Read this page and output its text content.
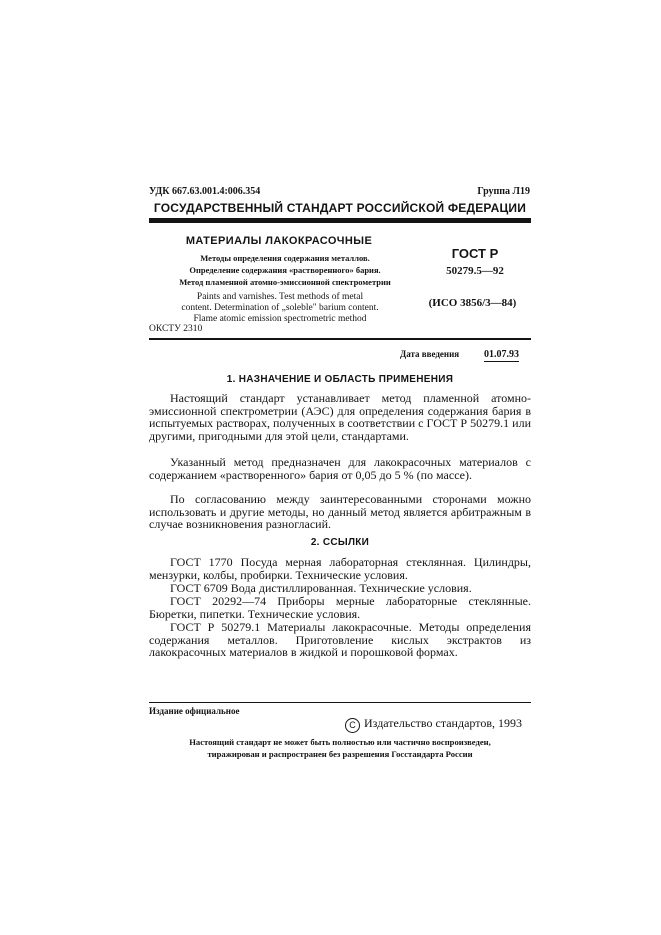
УДК 667.63.001.4:006.354	Группа Л19
ГОСУДАРСТВЕННЫЙ СТАНДАРТ РОССИЙСКОЙ ФЕДЕРАЦИИ
МАТЕРИАЛЫ ЛАКОКРАСОЧНЫЕ
Методы определения содержания металлов.
Определение содержания «растворенного» бария.
Метод пламенной атомно-эмиссионной спектрометрии
Paints and varnishes. Test methods of metal
content. Determination of „soleble" barium content.
Flame atomic emission spectrometric method
ОКСТУ 2310
ГОСТ Р
50279.5—92
(ИСО 3856/3—84)
Дата введения 01.07.93
1. НАЗНАЧЕНИЕ И ОБЛАСТЬ ПРИМЕНЕНИЯ

Настоящий стандарт устанавливает метод пламенной атомно-эмиссионной спектрометрии (АЭС) для определения содержания бария в испытуемых растворах, полученных в соответствии с ГОСТ Р 50279.1 или другими, пригодными для этой цели, стандартами.

Указанный метод предназначен для лакокрасочных материалов с содержанием «растворенного» бария от 0,05 до 5 % (по массе).

По согласованию между заинтересованными сторонами можно использовать и другие методы, но данный метод является арбитражным в случае возникновения разногласий.

2. ССЫЛКИ

ГОСТ 1770 Посуда мерная лабораторная стеклянная. Цилиндры, мензурки, колбы, пробирки. Технические условия.

ГОСТ 6709 Вода дистиллированная. Технические условия.

ГОСТ 20292—74 Приборы мерные лабораторные стеклянные. Бюретки, пипетки. Технические условия.

ГОСТ Р 50279.1 Материалы лакокрасочные. Методы определения содержания металлов. Приготовление кислых экстрактов из лакокрасочных материалов в жидкой и порошковой формах.

Издание официальное
C Издательство стандартов, 1993
Настоящий стандарт не может быть полностью или частично воспроизведен,
тиражирован и распространен без разрешения Госстандарта России
